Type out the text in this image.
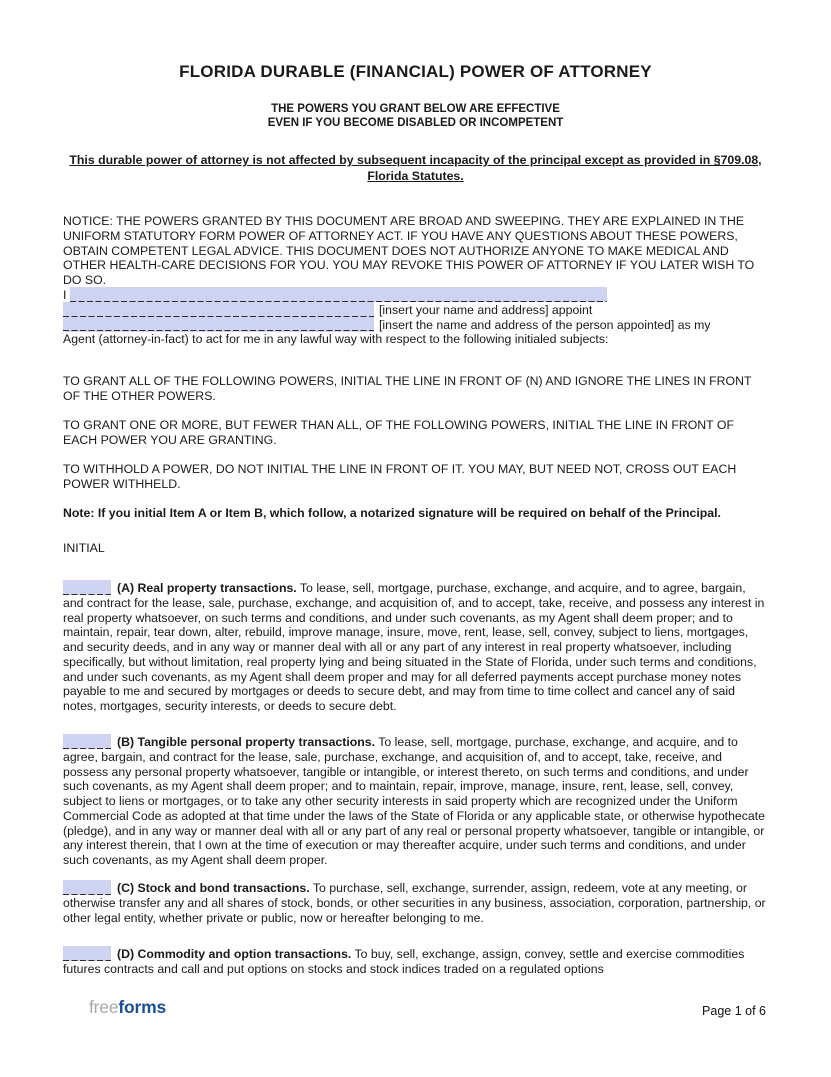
FLORIDA DURABLE (FINANCIAL) POWER OF ATTORNEY
THE POWERS YOU GRANT BELOW ARE EFFECTIVE
EVEN IF YOU BECOME DISABLED OR INCOMPETENT
This durable power of attorney is not affected by subsequent incapacity of the principal except as provided in §709.08, Florida Statutes.

NOTICE: THE POWERS GRANTED BY THIS DOCUMENT ARE BROAD AND SWEEPING. THEY ARE EXPLAINED IN THE UNIFORM STATUTORY FORM POWER OF ATTORNEY ACT. IF YOU HAVE ANY QUESTIONS ABOUT THESE POWERS, OBTAIN COMPETENT LEGAL ADVICE. THIS DOCUMENT DOES NOT AUTHORIZE ANYONE TO MAKE MEDICAL AND OTHER HEALTH-CARE DECISIONS FOR YOU. YOU MAY REVOKE THIS POWER OF ATTORNEY IF YOU LATER WISH TO DO SO.

I
[insert your name and address] appoint
[insert the name and address of the person appointed] as my
Agent (attorney-in-fact) to act for me in any lawful way with respect to the following initialed subjects:

TO GRANT ALL OF THE FOLLOWING POWERS, INITIAL THE LINE IN FRONT OF (N) AND IGNORE THE LINES IN FRONT OF THE OTHER POWERS.

TO GRANT ONE OR MORE, BUT FEWER THAN ALL, OF THE FOLLOWING POWERS, INITIAL THE LINE IN FRONT OF EACH POWER YOU ARE GRANTING.

TO WITHHOLD A POWER, DO NOT INITIAL THE LINE IN FRONT OF IT. YOU MAY, BUT NEED NOT, CROSS OUT EACH POWER WITHHELD.

Note: If you initial Item A or Item B, which follow, a notarized signature will be required on behalf of the Principal.

INITIAL

(A) Real property transactions. To lease, sell, mortgage, purchase, exchange, and acquire, and to agree, bargain, and contract for the lease, sale, purchase, exchange, and acquisition of, and to accept, take, receive, and possess any interest in real property whatsoever, on such terms and conditions, and under such covenants, as my Agent shall deem proper; and to maintain, repair, tear down, alter, rebuild, improve manage, insure, move, rent, lease, sell, convey, subject to liens, mortgages, and security deeds, and in any way or manner deal with all or any part of any interest in real property whatsoever, including specifically, but without limitation, real property lying and being situated in the State of Florida, under such terms and conditions, and under such covenants, as my Agent shall deem proper and may for all deferred payments accept purchase money notes payable to me and secured by mortgages or deeds to secure debt, and may from time to time collect and cancel any of said notes, mortgages, security interests, or deeds to secure debt.

(B) Tangible personal property transactions. To lease, sell, mortgage, purchase, exchange, and acquire, and to agree, bargain, and contract for the lease, sale, purchase, exchange, and acquisition of, and to accept, take, receive, and possess any personal property whatsoever, tangible or intangible, or interest thereto, on such terms and conditions, and under such covenants, as my Agent shall deem proper; and to maintain, repair, improve, manage, insure, rent, lease, sell, convey, subject to liens or mortgages, or to take any other security interests in said property which are recognized under the Uniform Commercial Code as adopted at that time under the laws of the State of Florida or any applicable state, or otherwise hypothecate (pledge), and in any way or manner deal with all or any part of any real or personal property whatsoever, tangible or intangible, or any interest therein, that I own at the time of execution or may thereafter acquire, under such terms and conditions, and under such covenants, as my Agent shall deem proper.

(C) Stock and bond transactions. To purchase, sell, exchange, surrender, assign, redeem, vote at any meeting, or otherwise transfer any and all shares of stock, bonds, or other securities in any business, association, corporation, partnership, or other legal entity, whether private or public, now or hereafter belonging to me.

(D) Commodity and option transactions. To buy, sell, exchange, assign, convey, settle and exercise commodities futures contracts and call and put options on stocks and stock indices traded on a regulated options

freeforms	Page 1 of 6
